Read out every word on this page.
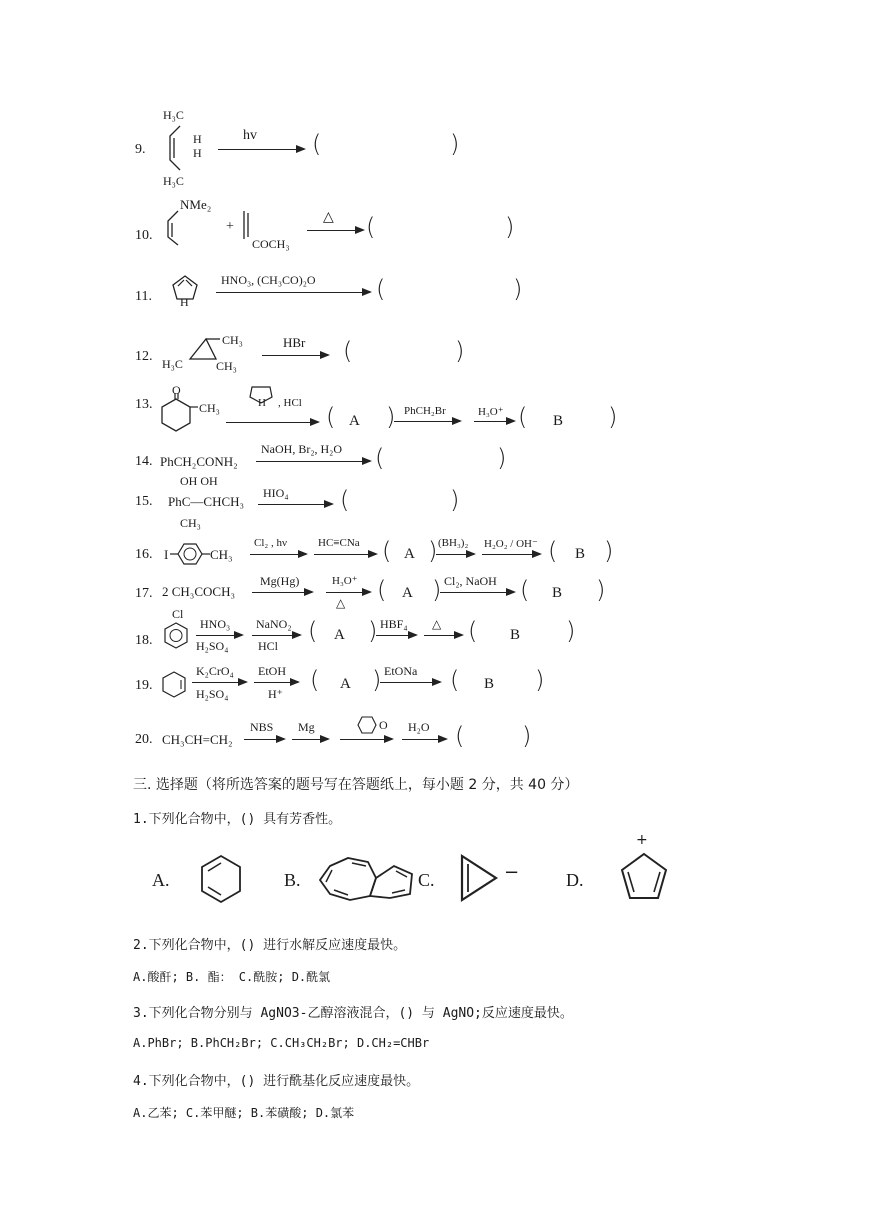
9.
H₃C
H
H
H₃C
hv (	)
10.
NMe₂
+
COCH₃
△ → (	)
11. H
HNO₃, (CH₃CO)₂O	(	)
12. H₃C
CH₃
CH₃
HBr (	)
13.
O
CH₃	H , HCl ( A ) PhCH₂Br	H₃O⁺ → ( B )
14. PhCH₂CONH₂
NaOH, Br₂, H₂O (	)
15.
OH OH
PhC—CHCH₃
CH₃
HIO₄ (	)
16. I	CH₃
Cl₂ , hν	HC≡CNa → ( A ) (BH₃)₂ H₂O₂ / OH⁻ → ( B )
17. 2 CH₃COCH₃
Mg(Hg)	H₃O⁺
△ ( A ) Cl₂, NaOH ( B )
18.
Cl
HNO₃
H₂SO₄
NaNO₂
HCl
( A ) HBF₄ △ → ( B )
19.
K₂CrO₄
H₂SO₄
EtOH
H⁺ ( A ) EtONa → ( B )
20. CH₃CH=CH₂
NBS Mg	O H₂O → ( )
三. 选择题（将所选答案的题号写在答题纸上，每小题 2 分，共 40 分）
1.下列化合物中，() 具有芳香性。
A.	B.	C.	−	D.
+
2.下列化合物中，() 进行水解反应速度最快。
A.酸酐; B. 酯： C.酰胺; D.酰氯
3.下列化合物分别与 AgNO3-乙醇溶液混合，() 与 AgNO;反应速度最快。
A.PhBr; B.PhCH₂Br; C.CH₃CH₂Br; D.CH₂=CHBr
4.下列化合物中，() 进行酰基化反应速度最快。
A.乙苯; C.苯甲醚; B.苯磺酸; D.氯苯
